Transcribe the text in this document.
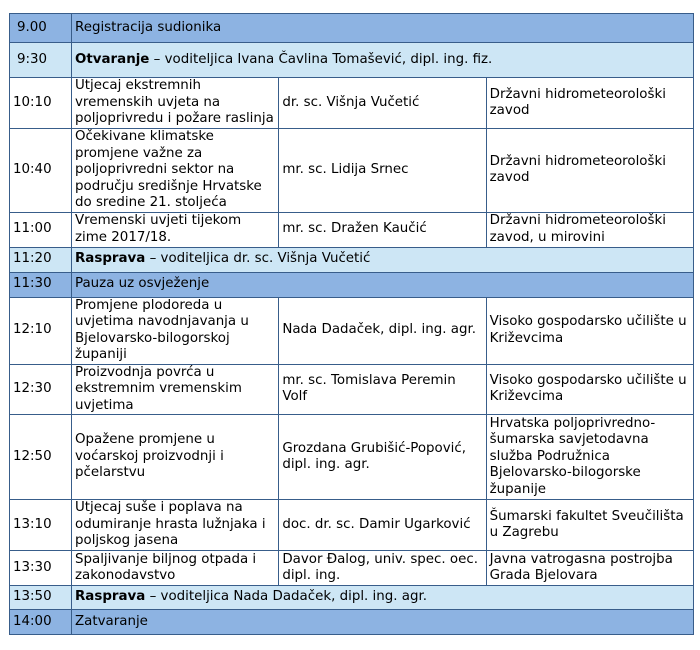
9.00	Registracija sudionika		
9:30	Otvaranje – voditeljica Ivana Čavlina Tomašević, dipl. ing. fiz.		
10:10	Utjecaj ekstremnih vremenskih uvjeta na poljoprivredu i požare raslinja	dr. sc. Višnja Vučetić	Državni hidrometeorološki zavod
10:40	Očekivane klimatske promjene važne za poljoprivredni sektor na području središnje Hrvatske do sredine 21. stoljeća	mr. sc. Lidija Srnec	Državni hidrometeorološki zavod
11:00	Vremenski uvjeti tijekom zime 2017/18.	mr. sc. Dražen Kaučić	Državni hidrometeorološki zavod, u mirovini
11:20	Rasprava – voditeljica dr. sc. Višnja Vučetić		
11:30	Pauza uz osvježenje		
12:10	Promjene plodoreda u uvjetima navodnjavanja u Bjelovarsko-bilogorskoj županiji	Nada Dadaček, dipl. ing. agr.	Visoko gospodarsko učilište u Križevcima
12:30	Proizvodnja povrća u ekstremnim vremenskim uvjetima	mr. sc. Tomislava Peremin Volf	Visoko gospodarsko učilište u Križevcima
12:50	Opažene promjene u voćarskoj proizvodnji i pčelarstvu	Grozdana Grubišić-Popović, dipl. ing. agr.	Hrvatska poljoprivredno-šumarska savjetodavna služba Podružnica Bjelovarsko-bilogorske županije
13:10	Utjecaj suše i poplava na odumiranje hrasta lužnjaka i poljskog jasena	doc. dr. sc. Damir Ugarković	Šumarski fakultet Sveučilišta u Zagrebu
13:30	Spaljivanje biljnog otpada i zakonodavstvo	Davor Đalog, univ. spec. oec. dipl. ing.	Javna vatrogasna postrojba Grada Bjelovara
13:50	Rasprava – voditeljica Nada Dadaček, dipl. ing. agr.		
14:00	Zatvaranje		
